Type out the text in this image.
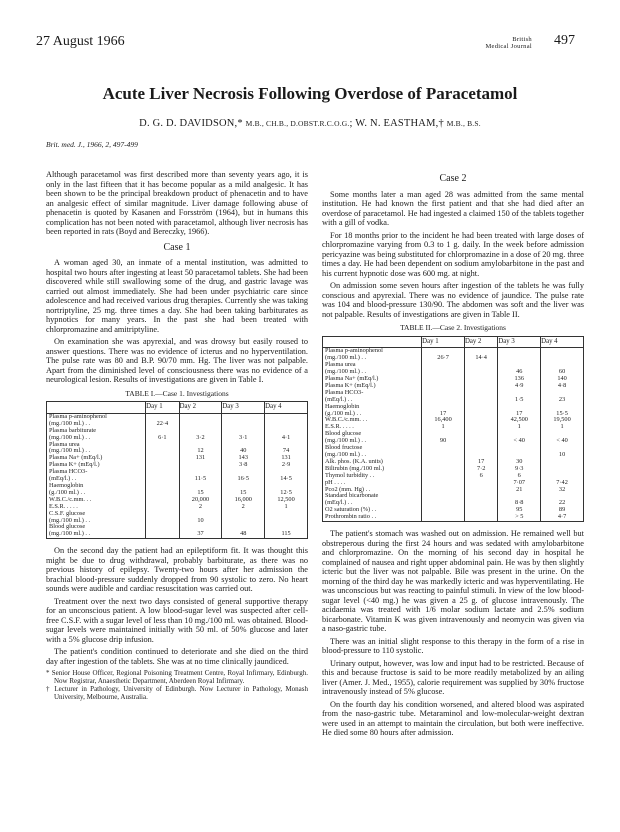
27 August 1966	British
Medical Journal 497
Acute Liver Necrosis Following Overdose of Paracetamol
D. G. D. DAVIDSON,* M.B., CH.B., D.OBST.R.C.O.G.; W. N. EASTHAM,† M.B., B.S.
Brit. med. J., 1966, 2, 497-499

Although paracetamol was first described more than seventy years ago, it is only in the last fifteen that it has become popular as a mild analgesic. It has been shown to be the principal breakdown product of phenacetin and to have an analgesic effect of similar magnitude. Liver damage following abuse of phenacetin is quoted by Kasanen and Forsström (1964), but in humans this complication has not been noted with paracetamol, although liver necrosis has been reported in rats (Boyd and Bereczky, 1966).

Case 1

A woman aged 30, an inmate of a mental institution, was admitted to hospital two hours after ingesting at least 50 paracetamol tablets. She had been discovered while still swallowing some of the drug, and gastric lavage was carried out almost immediately. She had been under psychiatric care since adolescence and had received various drug therapies. Currently she was taking nortriptyline, 25 mg. three times a day. She had been taking barbiturates as hypnotics for many years. In the past she had been treated with chlorpromazine and amitriptyline.

On examination she was apyrexial, and was drowsy but easily roused to answer questions. There was no evidence of icterus and no hyperventilation. The pulse rate was 80 and B.P. 90/70 mm. Hg. The liver was not palpable. Apart from the diminished level of consciousness there was no evidence of a neurological lesion. Results of investigations are given in Table I.

TABLE I.—Case 1. Investigations
	Day 1	Day 2	Day 3	Day 4
Plasma p-aminophenol				
(mg./100 ml.) . .	22·4			
Plasma barbiturate				
(mg./100 ml.) . .	6·1	3·2	3·1	4·1
Plasma urea				
(mg./100 ml.) . .		12	40	74
Plasma Na+ (mEq/l.)		131	143	131
Plasma K+ (mEq/l.)			3·8	2·9
Plasma HCO3-				
(mEq/l.) . .		11·5	16·5	14·5
Haemoglobin				
(g./100 ml.) . .		15	15	12·5
W.B.C./c.mm. . .		20,000	16,000	12,500
E.S.R. . . . .		2	2	1
C.S.F. glucose				
(mg./100 ml.) . .		10		
Blood glucose				
(mg./100 ml.) . .		37	48	115

On the second day the patient had an epileptiform fit. It was thought this might be due to drug withdrawal, probably barbiturate, as there was no previous history of epilepsy. Twenty-two hours after her admission the brachial blood-pressure suddenly dropped from 90 systolic to zero. No heart sounds were audible and cardiac resuscitation was carried out.

Treatment over the next two days consisted of general supportive therapy for an unconscious patient. A low blood-sugar level was suspected after cell-free C.S.F. with a sugar level of less than 10 mg./100 ml. was obtained. Blood-sugar levels were maintained initially with 50 ml. of 50% glucose and later with a 5% glucose drip infusion.

The patient's condition continued to deteriorate and she died on the third day after ingestion of the tablets. She was at no time clinically jaundiced.

* Senior House Officer, Regional Poisoning Treatment Centre, Royal Infirmary, Edinburgh. Now Registrar, Anaesthetic Department, Aberdeen Royal Infirmary.
† Lecturer in Pathology, University of Edinburgh. Now Lecturer in Pathology, Monash University, Melbourne, Australia.
Case 2

Some months later a man aged 28 was admitted from the same mental institution. He had known the first patient and that she had died after an overdose of paracetamol. He had ingested a claimed 150 of the tablets together with a gill of vodka.

For 18 months prior to the incident he had been treated with large doses of chlorpromazine varying from 0.3 to 1 g. daily. In the week before admission pericyazine was being substituted for chlorpromazine in a dose of 20 mg. three times a day. He had been dependent on sodium amylobarbitone in the past and his current hypnotic dose was 600 mg. at night.

On admission some seven hours after ingestion of the tablets he was fully conscious and apyrexial. There was no evidence of jaundice. The pulse rate was 104 and blood-pressure 130/90. The abdomen was soft and the liver was not palpable. Results of investigations are given in Table II.

TABLE II.—Case 2. Investigations
	Day 1	Day 2	Day 3	Day 4
Plasma p-aminophenol				
(mg./100 ml.) . .	26·7	14·4		
Plasma urea				
(mg./100 ml.) . .			46	60
Plasma Na+ (mEq/l.)			136	140
Plasma K+ (mEq/l.)			4·9	4·8
Plasma HCO3-				
(mEq/l.) . .			1·5	23
Haemoglobin				
(g./100 ml.) . .	17		17	15·5
W.B.C./c.mm. . .	16,400		42,500	19,500
E.S.R. . . . .	1		1	1
Blood glucose				
(mg./100 ml.) . .	90		< 40	< 40
Blood fructose				
(mg./100 ml.) . .				10
Alk. phos. (K.A. units)		17	30	
Bilirubin (mg./100 ml.)		7·2	9·3	
Thymol turbidity . .		6	6	
pH . . . .			7·07	7·42
Pco2 (mm. Hg) . .			21	32
Standard bicarbonate				
(mEq/l.) . .			8·8	22
O2 saturation (%) . .			95	89
Prothrombin ratio . .			> 5	4·7

The patient's stomach was washed out on admission. He remained well but obstreperous during the first 24 hours and was sedated with amylobarbitone and chlorpromazine. On the morning of his second day in hospital he complained of nausea and right upper abdominal pain. He was by then slightly icteric but the liver was not palpable. Bile was present in the urine. On the morning of the third day he was markedly icteric and was hyperventilating. He was unconscious but was reacting to painful stimuli. In view of the low blood-sugar level (<40 mg.) he was given a 25 g. of glucose intravenously. The acidaemia was treated with 1/6 molar sodium lactate and 2.5% sodium bicarbonate. Vitamin K was given intravenously and neomycin was given via a naso-gastric tube.

There was an initial slight response to this therapy in the form of a rise in blood-pressure to 110 systolic.

Urinary output, however, was low and input had to be restricted. Because of this and because fructose is said to be more readily metabolized by an ailing liver (Amer. J. Med., 1955), calorie requirement was supplied by 30% fructose intravenously instead of 5% glucose.

On the fourth day his condition worsened, and altered blood was aspirated from the naso-gastric tube. Metaraminol and low-molecular-weight dextran were used in an attempt to maintain the circulation, but both were ineffective. He died some 80 hours after admission.
